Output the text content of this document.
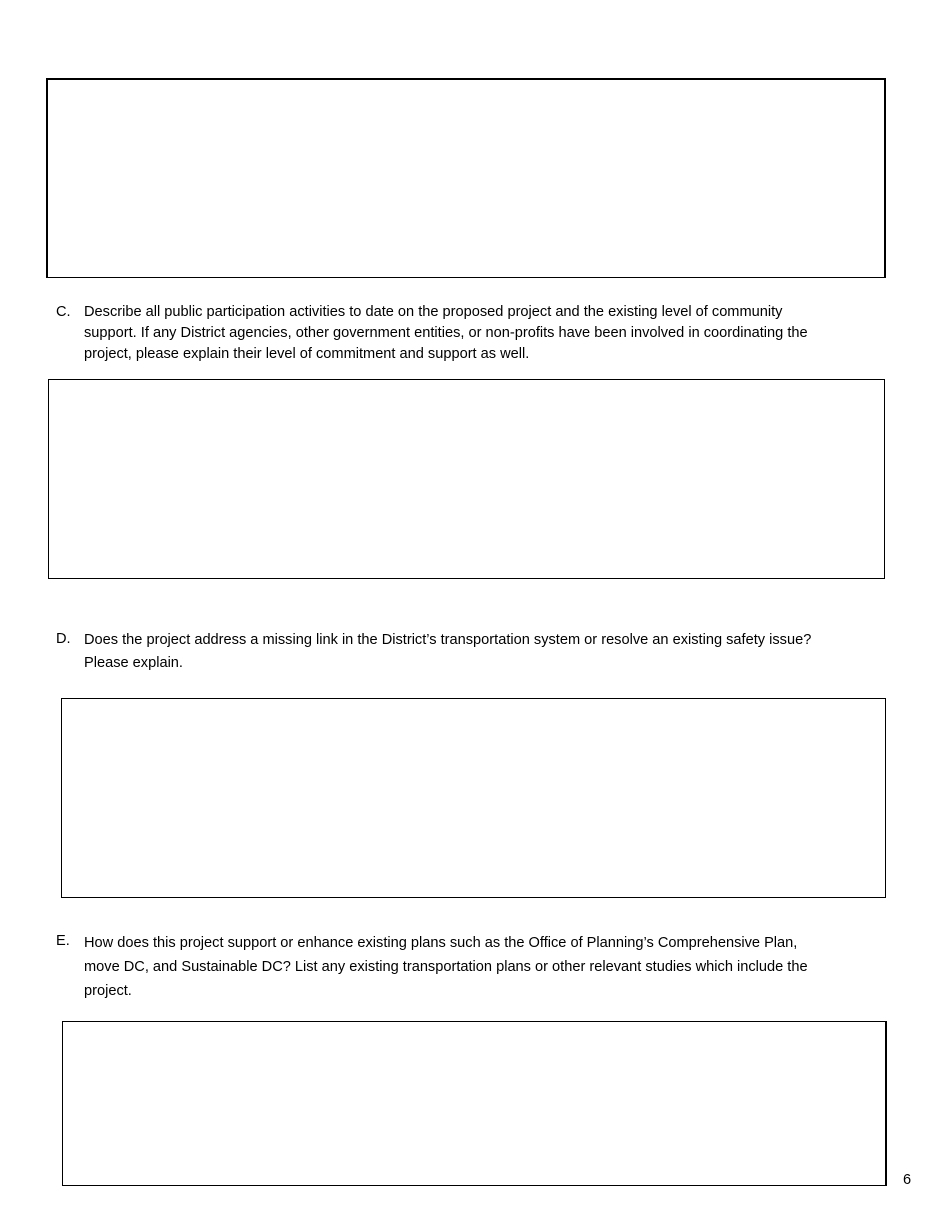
C. Describe all public participation activities to date on the proposed project and the existing level of community
support. If any District agencies, other government entities, or non-profits have been involved in coordinating the
project, please explain their level of commitment and support as well.
D. Does the project address a missing link in the District’s transportation system or resolve an existing safety issue?
Please explain.
E. How does this project support or enhance existing plans such as the Office of Planning’s Comprehensive Plan,
move DC, and Sustainable DC? List any existing transportation plans or other relevant studies which include the
project.
6
